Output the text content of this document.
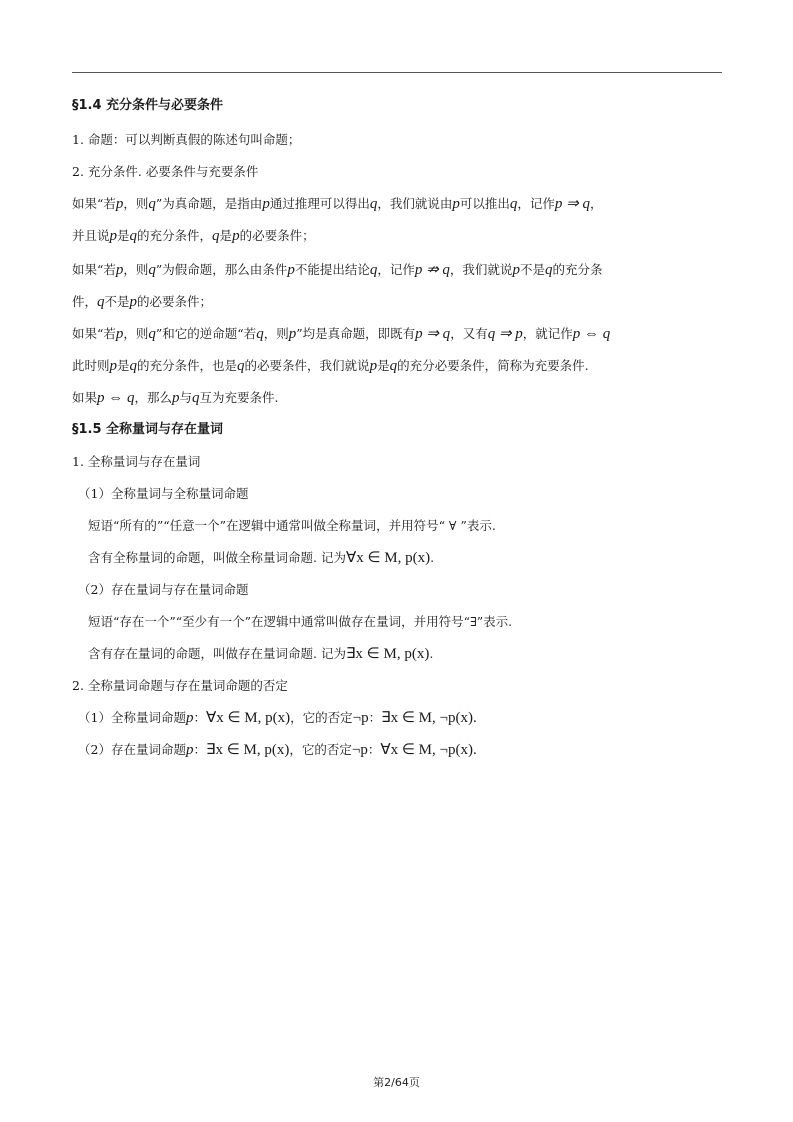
§1.4 充分条件与必要条件
1. 命题：可以判断真假的陈述句叫命题；
2. 充分条件. 必要条件与充要条件
如果“若p，则q”为真命题，是指由p通过推理可以得出q，我们就说由p可以推出q，记作p ⇒ q，
并且说p是q的充分条件，q是p的必要条件；
如果“若p，则q”为假命题，那么由条件p不能提出结论q，记作p ⇏ q，我们就说p不是q的充分条
件，q不是p的必要条件；
如果“若p，则q”和它的逆命题“若q，则p”均是真命题，即既有p ⇒ q，又有q ⇒ p，就记作p ⇔ q
此时则p是q的充分条件，也是q的必要条件，我们就说p是q的充分必要条件，简称为充要条件.
如果p ⇔ q，那么p与q互为充要条件.
§1.5 全称量词与存在量词
1. 全称量词与存在量词
（1）全称量词与全称量词命题
短语“所有的”“任意一个”在逻辑中通常叫做全称量词，并用符号“ ∀ ”表示.
含有全称量词的命题，叫做全称量词命题. 记为∀x ∈ M, p(x).
（2）存在量词与存在量词命题
短语“存在一个”“至少有一个”在逻辑中通常叫做存在量词，并用符号“∃”表示.
含有存在量词的命题，叫做存在量词命题. 记为∃x ∈ M, p(x).
2. 全称量词命题与存在量词命题的否定
（1）全称量词命题p：∀x ∈ M, p(x)，它的否定¬p：∃x ∈ M, ¬p(x).
（2）存在量词命题p：∃x ∈ M, p(x)，它的否定¬p：∀x ∈ M, ¬p(x).
第2/64页
